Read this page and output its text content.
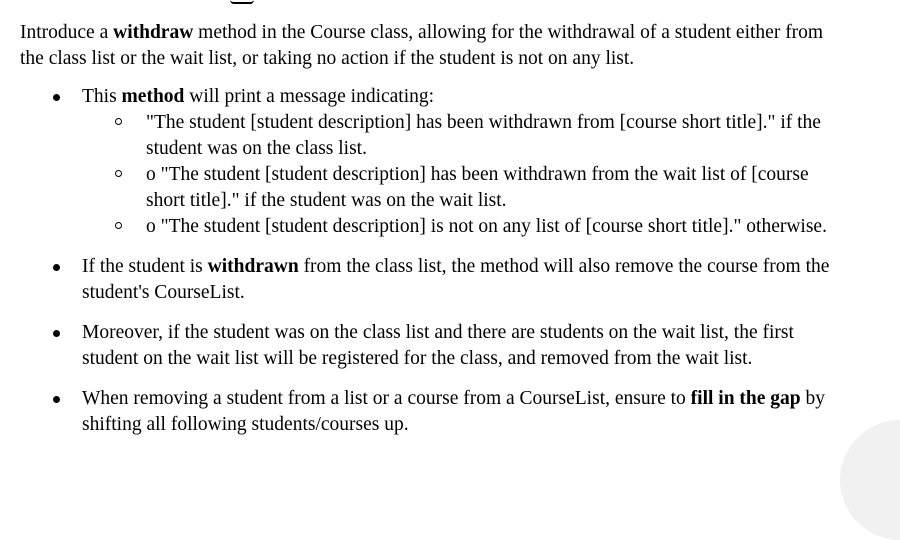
Introduce a withdraw method in the Course class, allowing for the withdrawal of a student either from the class list or the wait list, or taking no action if the student is not on any list.

This method will print a message indicating:
"The student [student description] has been withdrawn from [course short title]." if the student was on the class list.
o "The student [student description] has been withdrawn from the wait list of [course short title]." if the student was on the wait list.
o "The student [student description] is not on any list of [course short title]." otherwise.
If the student is withdrawn from the class list, the method will also remove the course from the student's CourseList.
Moreover, if the student was on the class list and there are students on the wait list, the first student on the wait list will be registered for the class, and removed from the wait list.
When removing a student from a list or a course from a CourseList, ensure to fill in the gap by shifting all following students/courses up.
